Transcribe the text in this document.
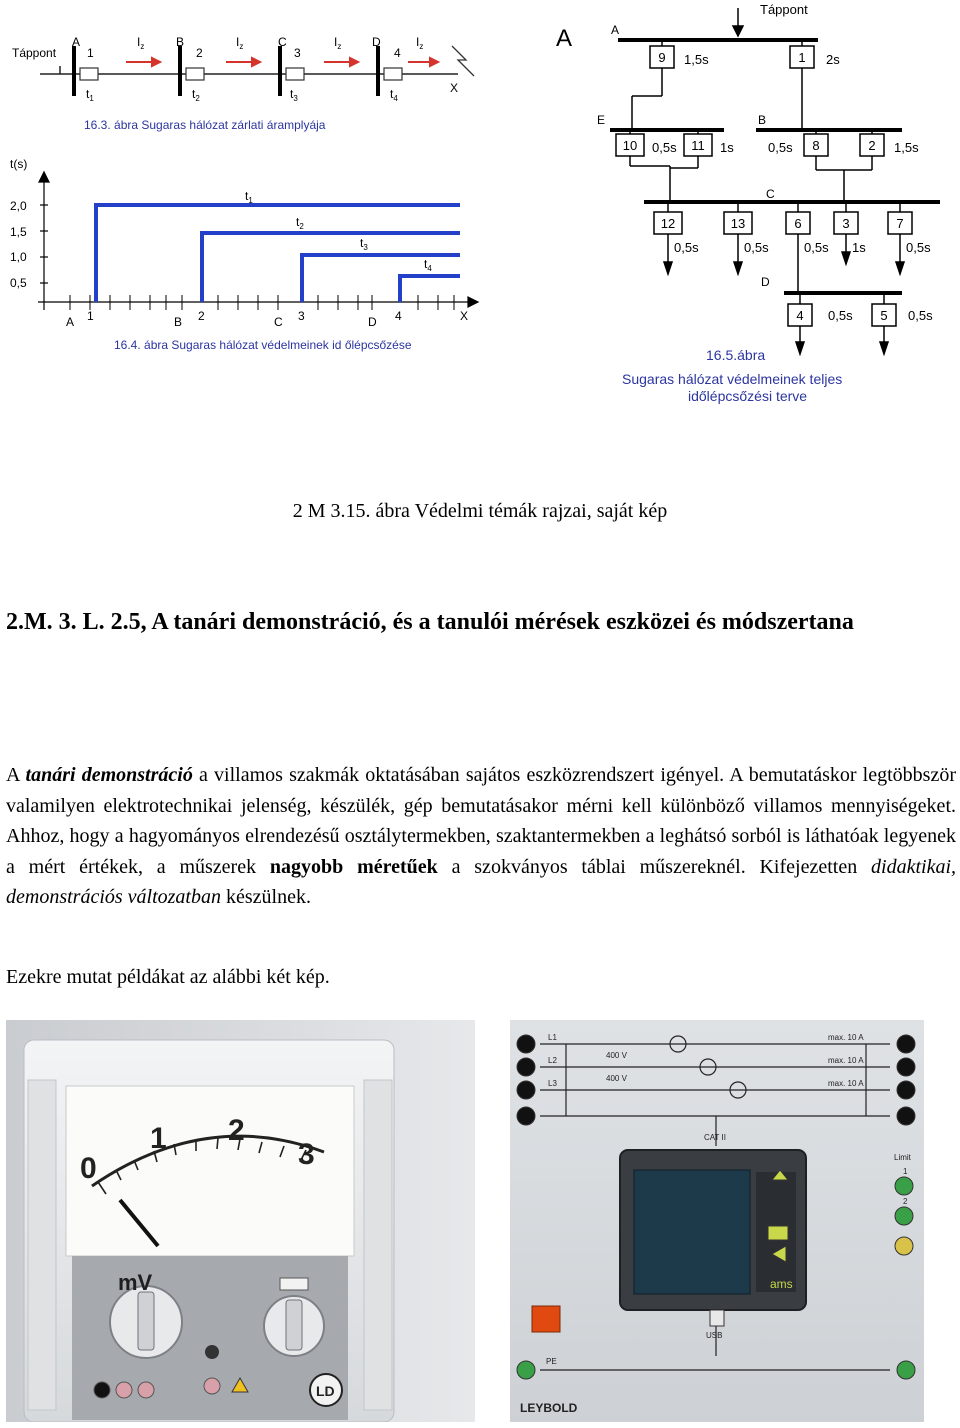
Táppont
A	B	C	D
1	2	3	4
$I_z$	$I_z$	$I_z$	$I_z$
$t_1$	$t_2$	$t_3$	$t_4$
X
16.3. ábra Sugaras hálózat zárlati áramplyája
t(s)
2,0
1,5
1,0
0,5
$t_1$
$t_2$
$t_3$
$t_4$
A	B	C	D
1	2	3	4	X
16.4. ábra Sugaras hálózat védelmeinek id őlépcsőzése
A
Táppont
A
E	B
C
D
9 1,5s	1 2s
10 0,5s 11 1s	8
0,5s	2 1,5s
12
0,5s
13
0,5s
6
0,5s
3
1s
7
0,5s
4 0,5s 5 0,5s
16.5.ábra
Sugaras hálózat védelmeinek teljes
időlépcsőzési terve
2 M 3.15. ábra Védelmi témák rajzai, saját kép
2.M. 3. L. 2.5, A tanári demonstráció, és a tanulói mérések eszközei és módszertana
A tanári demonstráció a villamos szakmák oktatásában sajátos eszközrendszert igényel. A bemutatáskor legtöbbször valamilyen elektrotechnikai jelenség, készülék, gép bemutatásakor mérni kell különböző villamos mennyiségeket. Ahhoz, hogy a hagyományos elrendezésű osztálytermekben, szaktantermekben a leghátsó sorból is láthatóak legyenek a mért értékek, a műszerek nagyobb méretűek a szokványos táblai műszereknél. Kifejezetten didaktikai, demonstrációs változatban készülnek.
Ezekre mutat példákat az alábbi két kép.
0
1 2
3
mV
LD
L1
L2
L3
400 V
400 V
max. 10 A
max. 10 A
max. 10 A
CAT II
Limit
1
2
USB
PE
ams
LEYBOLD
